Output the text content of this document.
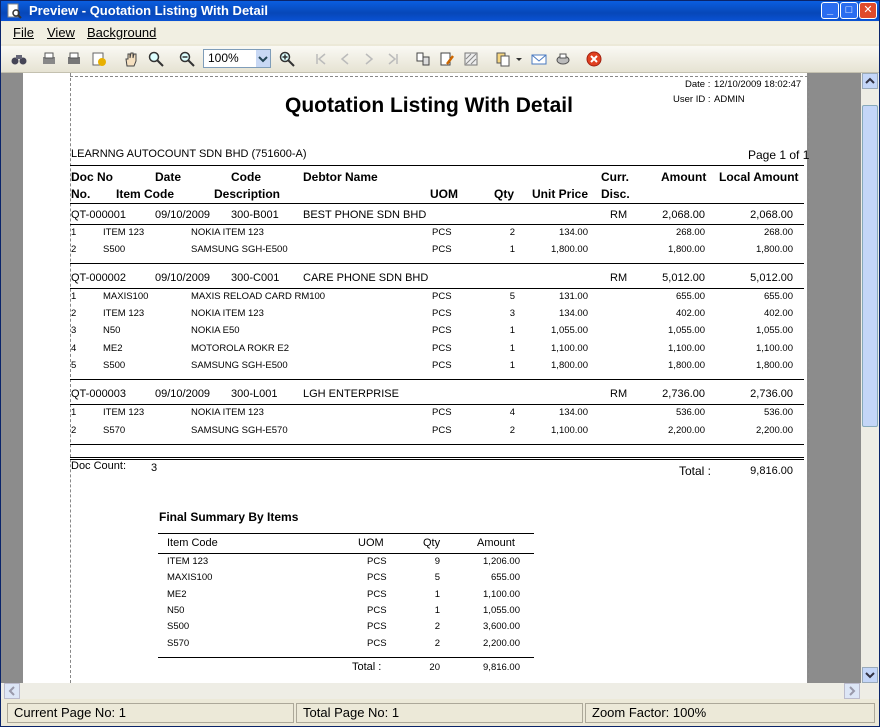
Preview - Quotation Listing With Detail	_	□	✕
File View Background
100%
Date : 12/10/2009 18:02:47
User ID : ADMIN
Quotation Listing With Detail
LEARNNG AUTOCOUNT SDN BHD (751600-A)	Page 1 of 1
Doc No	Date	Code	Debtor Name	Curr.	Amount Local Amount
No. Item Code	Description	UOM	Qty Unit Price Disc.
QT-000001	09/10/2009 300-B001 BEST PHONE SDN BHD	RM	2,068.00	2,068.00
1	ITEM 123	NOKIA ITEM 123	PCS	2	134.00	268.00	268.00
2	S500	SAMSUNG SGH-E500	PCS	1	1,800.00	1,800.00	1,800.00
QT-000002	09/10/2009 300-C001 CARE PHONE SDN BHD	RM	5,012.00	5,012.00
1	MAXIS100	MAXIS RELOAD CARD RM100	PCS	5	131.00	655.00	655.00
2	ITEM 123	NOKIA ITEM 123	PCS	3	134.00	402.00	402.00
3	N50	NOKIA E50	PCS	1	1,055.00	1,055.00	1,055.00
4	ME2	MOTOROLA ROKR E2	PCS	1	1,100.00	1,100.00	1,100.00
5	S500	SAMSUNG SGH-E500	PCS	1	1,800.00	1,800.00	1,800.00
QT-000003	09/10/2009 300-L001 LGH ENTERPRISE	RM	2,736.00	2,736.00
1	ITEM 123	NOKIA ITEM 123	PCS	4	134.00	536.00	536.00
2	S570	SAMSUNG SGH-E570	PCS	2	1,100.00	2,200.00	2,200.00
Doc Count: 3	Total :	9,816.00
Final Summary By Items
Item Code	UOM	Qty	Amount
ITEM 123	PCS	9	1,206.00
MAXIS100	PCS	5	655.00
ME2	PCS	1	1,100.00
N50	PCS	1	1,055.00
S500	PCS	2	3,600.00
S570	PCS	2	2,200.00
Total :	20	9,816.00
Current Page No: 1	Total Page No: 1	Zoom Factor: 100%
